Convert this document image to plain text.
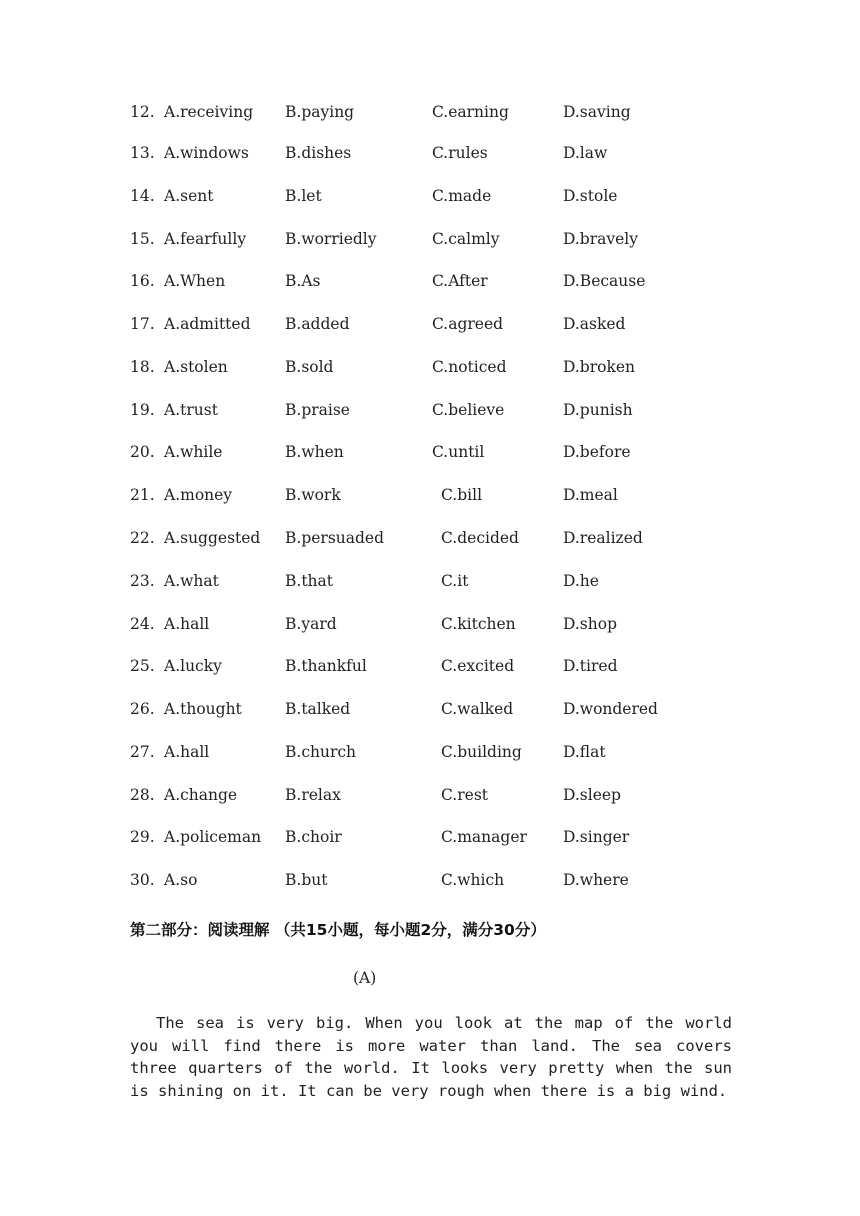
12. A.receiving B.paying	C.earning	D.saving
13. A.windows B.dishes	C.rules	D.law
14. A.sent	B.let	C.made	D.stole
15. A.fearfully	B.worriedly	C.calmly	D.bravely
16. A.When	B.As	C.After	D.Because
17. A.admitted B.added	C.agreed	D.asked
18. A.stolen	B.sold	C.noticed	D.broken
19. A.trust	B.praise	C.believe	D.punish
20. A.while	B.when	C.until	D.before
21. A.money	B.work	C.bill	D.meal
22. A.suggested B.persuaded	C.decided	D.realized
23. A.what	B.that	C.it	D.he
24. A.hall	B.yard	C.kitchen	D.shop
25. A.lucky	B.thankful	C.excited	D.tired
26. A.thought	B.talked	C.walked	D.wondered
27. A.hall	B.church	C.building	D.flat
28. A.change	B.relax	C.rest	D.sleep
29. A.policeman B.choir	C.manager D.singer
30. A.so	B.but	C.which	D.where
第二部分：阅读理解 （共15小题，每小题2分，满分30分）
(A)

The sea is very big. When you look at the map of the world you will find there is more water than land. The sea covers three quarters of the world. It looks very pretty when the sun is shining on it. It can be very rough when there is a big wind.
